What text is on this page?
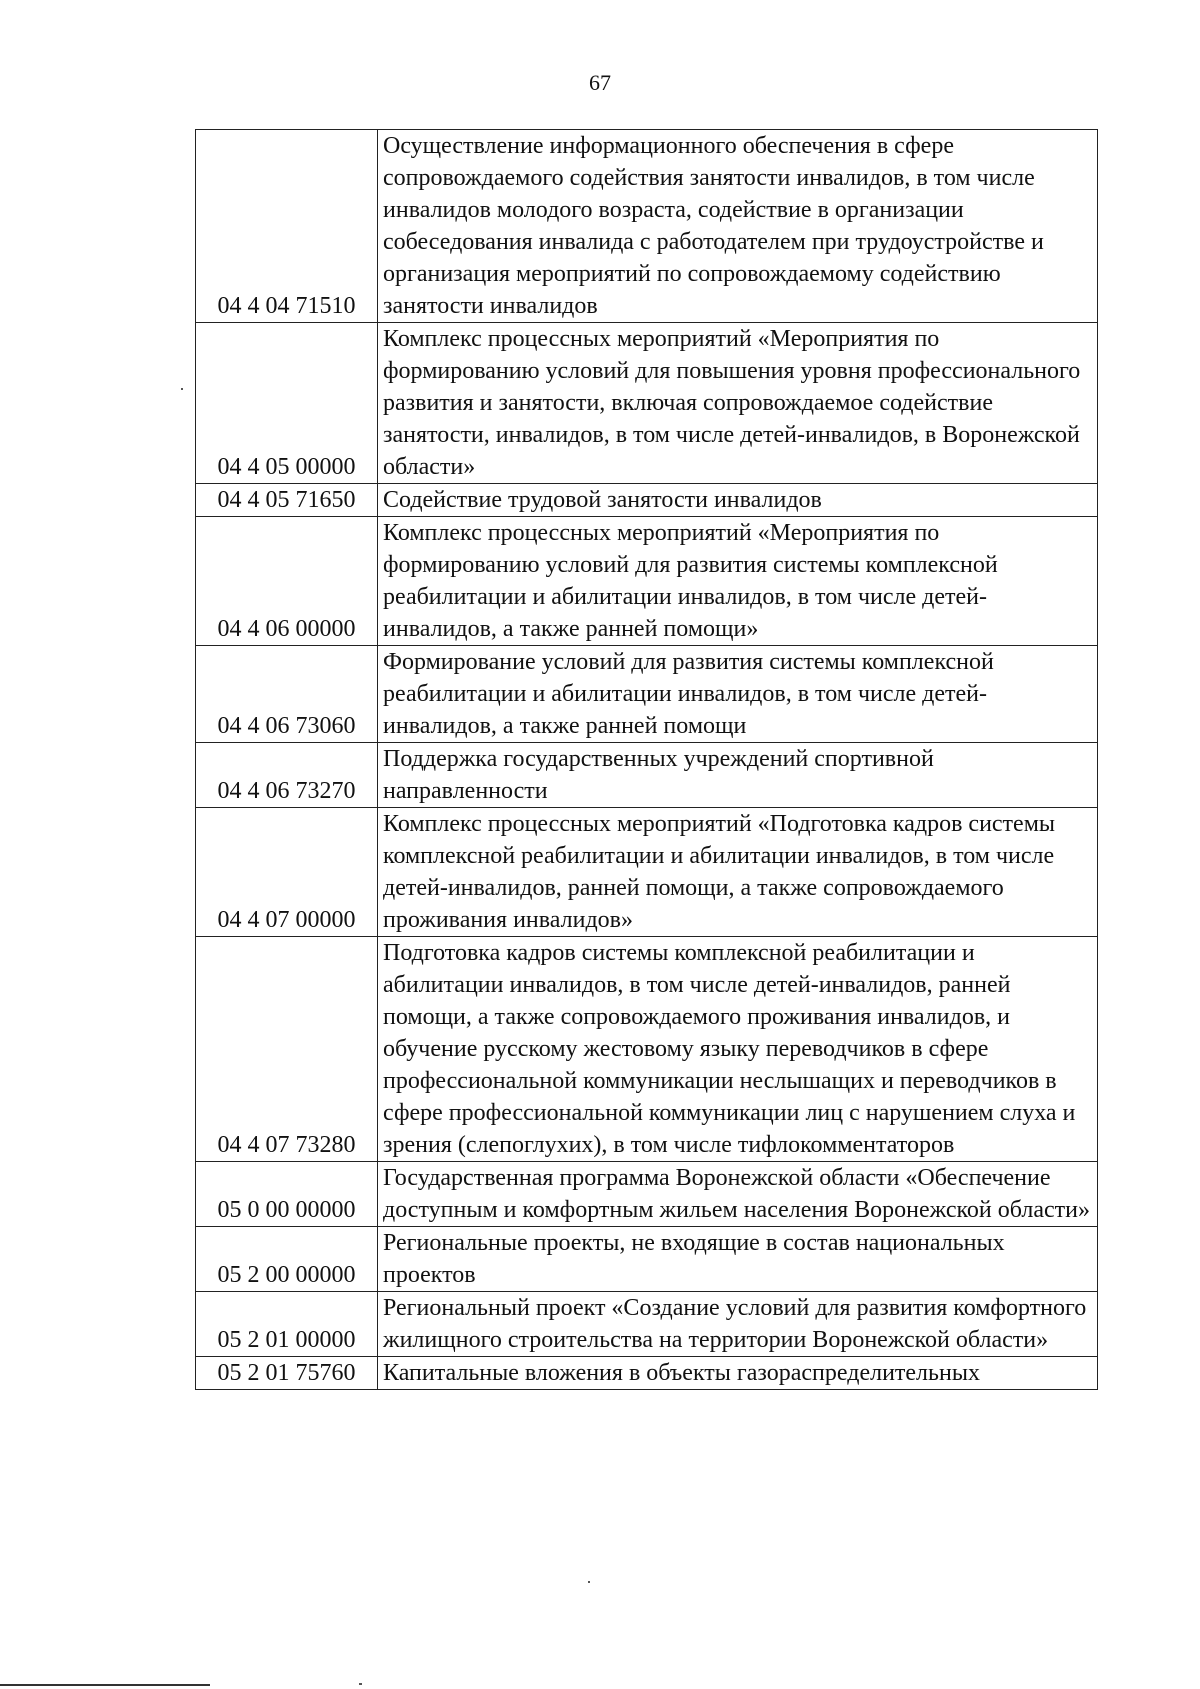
67
04 4 04 71510	Осуществление информационного обеспечения в сфере сопровождаемого содействия занятости инвалидов, в том числе инвалидов молодого возраста, содействие в организации собеседования инвалида с работодателем при трудоустройстве и организация мероприятий по сопровождаемому содействию занятости инвалидов
04 4 05 00000	Комплекс процессных мероприятий «Мероприятия по формированию условий для повышения уровня профессионального развития и занятости, включая сопровождаемое содействие занятости, инвалидов, в том числе детей-инвалидов, в Воронежской области»
04 4 05 71650	Содействие трудовой занятости инвалидов
04 4 06 00000	Комплекс процессных мероприятий «Мероприятия по формированию условий для развития системы комплексной реабилитации и абилитации инвалидов, в том числе детей-инвалидов, а также ранней помощи»
04 4 06 73060	Формирование условий для развития системы комплексной реабилитации и абилитации инвалидов, в том числе детей-инвалидов, а также ранней помощи
04 4 06 73270	Поддержка государственных учреждений спортивной направленности
04 4 07 00000	Комплекс процессных мероприятий «Подготовка кадров системы комплексной реабилитации и абилитации инвалидов, в том числе детей-инвалидов, ранней помощи, а также сопровождаемого проживания инвалидов»
04 4 07 73280	Подготовка кадров системы комплексной реабилитации и абилитации инвалидов, в том числе детей-инвалидов, ранней помощи, а также сопровождаемого проживания инвалидов, и обучение русскому жестовому языку переводчиков в сфере профессиональной коммуникации неслышащих и переводчиков в сфере профессиональной коммуникации лиц с нарушением слуха и зрения (слепоглухих), в том числе тифлокомментаторов
05 0 00 00000	Государственная программа Воронежской области «Обеспечение доступным и комфортным жильем населения Воронежской области»
05 2 00 00000	Региональные проекты, не входящие в состав национальных проектов
05 2 01 00000	Региональный проект «Создание условий для развития комфортного жилищного строительства на территории Воронежской области»
05 2 01 75760	Капитальные вложения в объекты газораспределительных
